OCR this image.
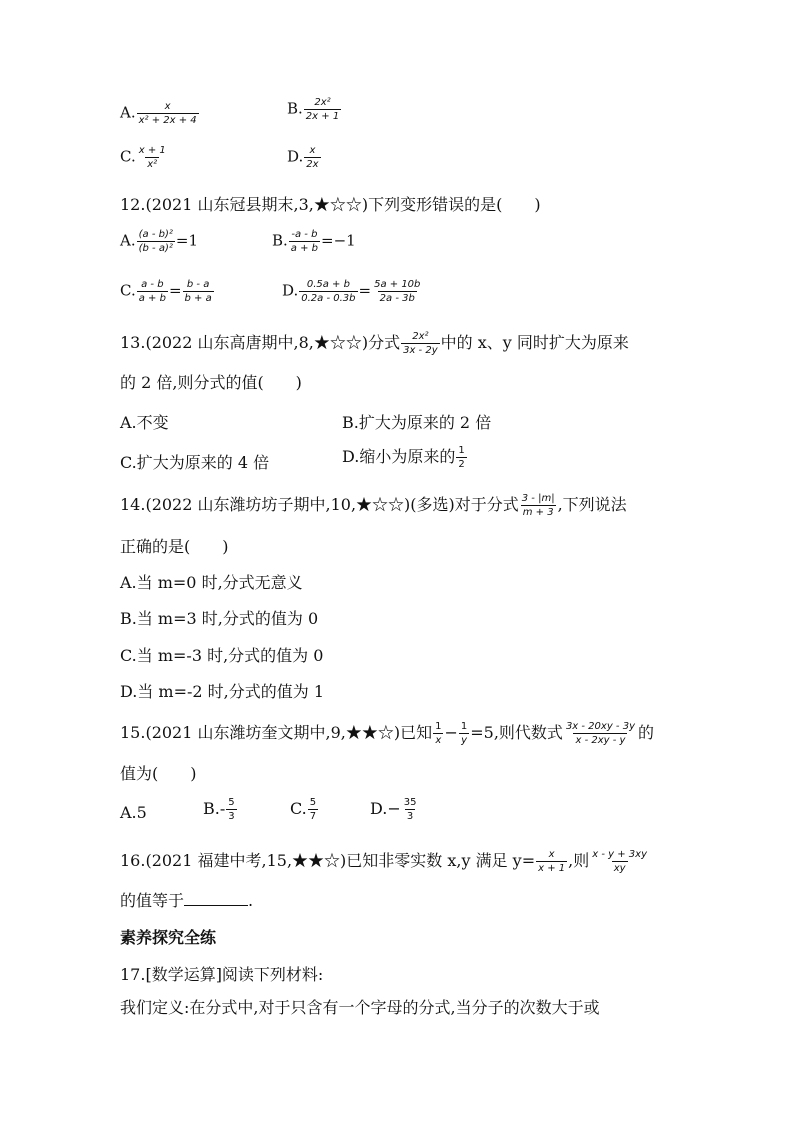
A. $\frac{x}{\text{x² + 2x + 4}}$	B. $\frac{\text{2x²}}{2x + 1}$
C. $\frac{x + 1}{\text{x²}}$	D. $\frac{x}{2x}$
12.(2021 山东冠县期末,3,★☆☆)下列变形错误的是(　　)
A. $\frac{\text{(a - b)²}}{\text{(b - a)²}} =1$	B. $\frac{-a - b}{a + b} =-1$
C. $\frac{a - b}{a + b} = \frac{b - a}{b + a}$	D. $\frac{0.5a + b}{0.2a - 0.3b} = \frac{5a + 10b}{2a - 3b}$
13.(2022 山东高唐期中,8,★☆☆)分式 $\frac{\text{2x²}}{3x - 2y}$ 中的 x、y 同时扩大为原来
的 2 倍,则分式的值(　　)
A.不变	B.扩大为原来的 2 倍
C.扩大为原来的 4 倍	D.缩小为原来的 $\frac{1}{2}$
14.(2022 山东潍坊坊子期中,10,★☆☆)(多选)对于分式 $\frac{3 - |m|}{m + 3}$ ,下列说法
正确的是(　　)
A.当 m=0 时,分式无意义
B.当 m=3 时,分式的值为 0
C.当 m=-3 时,分式的值为 0
D.当 m=-2 时,分式的值为 1
15.(2021 山东潍坊奎文期中,9,★★☆)已知 $\frac{1}{x} - \frac{1}{y} =5$,则代数式 $\frac{3x - 20xy - 3y}{x - 2xy - y}$ 的
值为(　　)
A.5	$B.- \frac{5}{3}$	C. $\frac{5}{7}$	$D.- \frac{35}{3}$
16.(2021 福建中考,15,★★☆)已知非零实数 x,y 满足 $y= \frac{x}{x + 1}$ ,则 $\frac{x - y + 3xy}{xy}$
的值等于	.
素养探究全练
17.[数学运算]阅读下列材料:
我们定义:在分式中,对于只含有一个字母的分式,当分子的次数大于或
